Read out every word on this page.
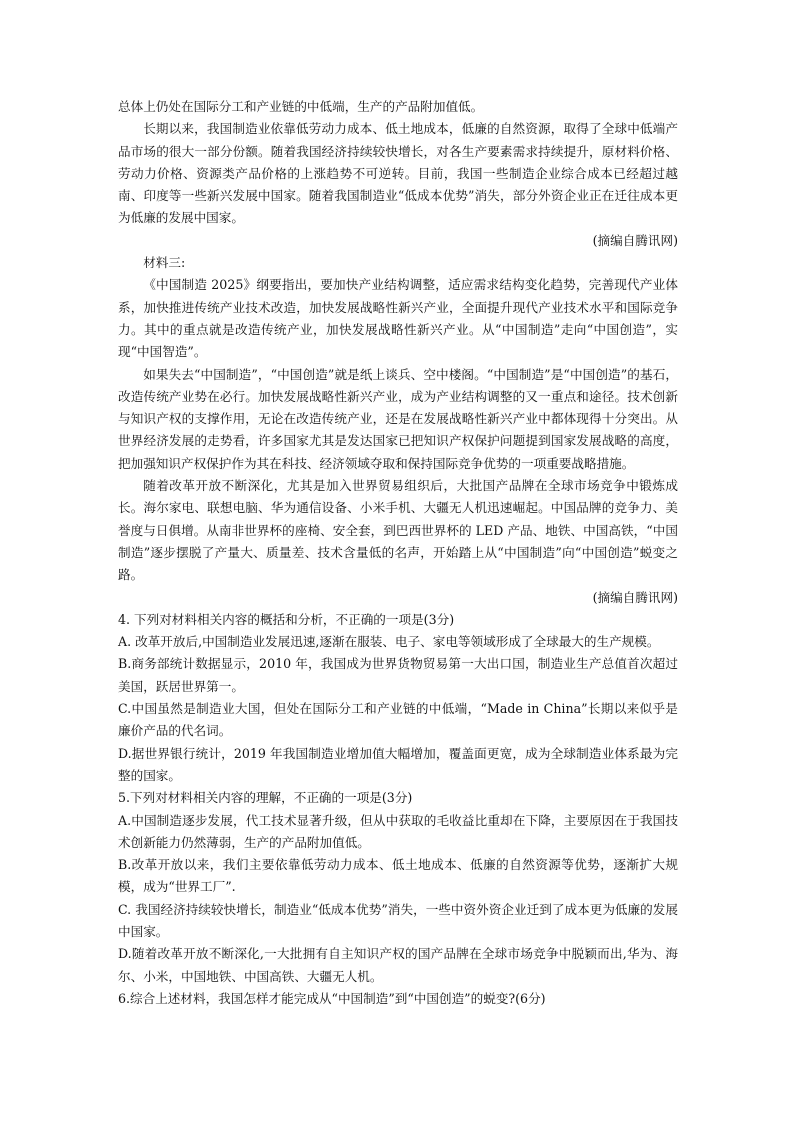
总体上仍处在国际分工和产业链的中低端，生产的产品附加值低。

长期以来，我国制造业依靠低劳动力成本、低土地成本，低廉的自然资源，取得了全球中低端产品市场的很大一部分份额。随着我国经济持续较快增长，对各生产要素需求持续提升，原材料价格、劳动力价格、资源类产品价格的上涨趋势不可逆转。目前，我国一些制造企业综合成本已经超过越南、印度等一些新兴发展中国家。随着我国制造业“低成本优势”消失，部分外资企业正在迁往成本更为低廉的发展中国家。

(摘编自腾讯网)

材料三:

《中国制造 2025》纲要指出，要加快产业结构调整，适应需求结构变化趋势，完善现代产业体系，加快推进传统产业技术改造，加快发展战略性新兴产业，全面提升现代产业技术水平和国际竞争力。其中的重点就是改造传统产业，加快发展战略性新兴产业。从“中国制造”走向“中国创造”，实现“中国智造”。

如果失去“中国制造”，“中国创造”就是纸上谈兵、空中楼阁。“中国制造”是“中国创造”的基石，改造传统产业势在必行。加快发展战略性新兴产业，成为产业结构调整的又一重点和途径。技术创新与知识产权的支撑作用，无论在改造传统产业，还是在发展战略性新兴产业中都体现得十分突出。从世界经济发展的走势看，许多国家尤其是发达国家已把知识产权保护问题提到国家发展战略的高度，把加强知识产权保护作为其在科技、经济领域夺取和保持国际竞争优势的一项重要战略措施。

随着改革开放不断深化，尤其是加入世界贸易组织后，大批国产品牌在全球市场竞争中锻炼成长。海尔家电、联想电脑、华为通信设备、小米手机、大疆无人机迅速崛起。中国品牌的竞争力、美誉度与日俱增。从南非世界杯的座椅、安全套，到巴西世界杯的 LED 产品、地铁、中国高铁，“中国制造”逐步摆脱了产量大、质量差、技术含量低的名声，开始踏上从“中国制造”向“中国创造”蜕变之路。

(摘编自腾讯网)

4. 下列对材料相关内容的概括和分析，不正确的一项是(3分)

A. 改革开放后,中国制造业发展迅速,逐渐在服装、电子、家电等领域形成了全球最大的生产规模。

B.商务部统计数据显示，2010 年，我国成为世界货物贸易第一大出口国，制造业生产总值首次超过美国，跃居世界第一。

C.中国虽然是制造业大国，但处在国际分工和产业链的中低端，“Made in China”长期以来似乎是廉价产品的代名词。

D.据世界银行统计，2019 年我国制造业增加值大幅增加，覆盖面更宽，成为全球制造业体系最为完整的国家。

5.下列对材料相关内容的理解，不正确的一项是(3分)

A.中国制造逐步发展，代工技术显著升级，但从中获取的毛收益比重却在下降，主要原因在于我国技术创新能力仍然薄弱，生产的产品附加值低。

B.改革开放以来，我们主要依靠低劳动力成本、低土地成本、低廉的自然资源等优势，逐渐扩大规模，成为“世界工厂”.

C. 我国经济持续较快增长，制造业“低成本优势”消失，一些中资外资企业迁到了成本更为低廉的发展中国家。

D.随着改革开放不断深化,一大批拥有自主知识产权的国产品牌在全球市场竞争中脱颖而出,华为、海尔、小米，中国地铁、中国高铁、大疆无人机。

6.综合上述材料，我国怎样才能完成从“中国制造”到“中国创造”的蜕变?(6分)
